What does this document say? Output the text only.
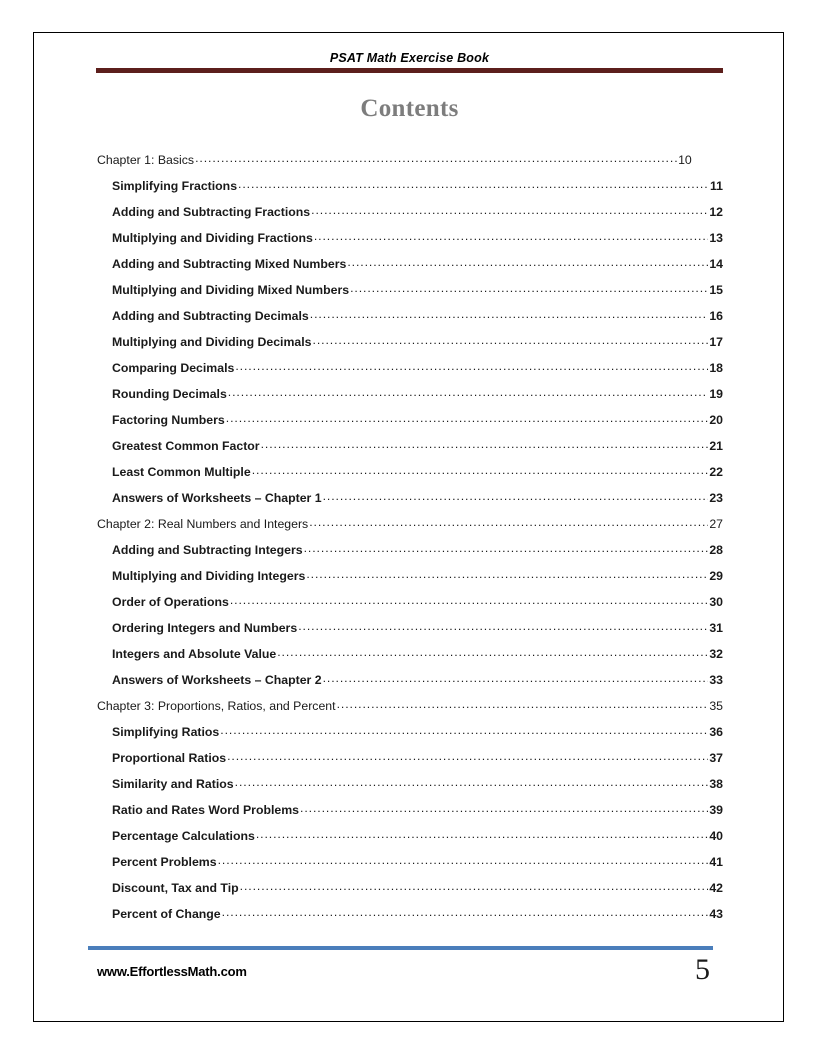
PSAT Math Exercise Book
Contents
Chapter 1: Basics .....	10
Simplifying Fractions .....	11
Adding and Subtracting Fractions .....	12
Multiplying and Dividing Fractions .....	13
Adding and Subtracting Mixed Numbers .....	14
Multiplying and Dividing Mixed Numbers .....	15
Adding and Subtracting Decimals .....	16
Multiplying and Dividing Decimals .....	17
Comparing Decimals .....	18
Rounding Decimals .....	19
Factoring Numbers .....	20
Greatest Common Factor .....	21
Least Common Multiple .....	22
Answers of Worksheets – Chapter 1 .....	23
Chapter 2: Real Numbers and Integers .....	27
Adding and Subtracting Integers .....	28
Multiplying and Dividing Integers .....	29
Order of Operations .....	30
Ordering Integers and Numbers .....	31
Integers and Absolute Value .....	32
Answers of Worksheets – Chapter 2 .....	33
Chapter 3: Proportions, Ratios, and Percent .....	35
Simplifying Ratios .....	36
Proportional Ratios .....	37
Similarity and Ratios .....	38
Ratio and Rates Word Problems .....	39
Percentage Calculations .....	40
Percent Problems .....	41
Discount, Tax and Tip .....	42
Percent of Change .....	43
www.EffortlessMath.com	5
